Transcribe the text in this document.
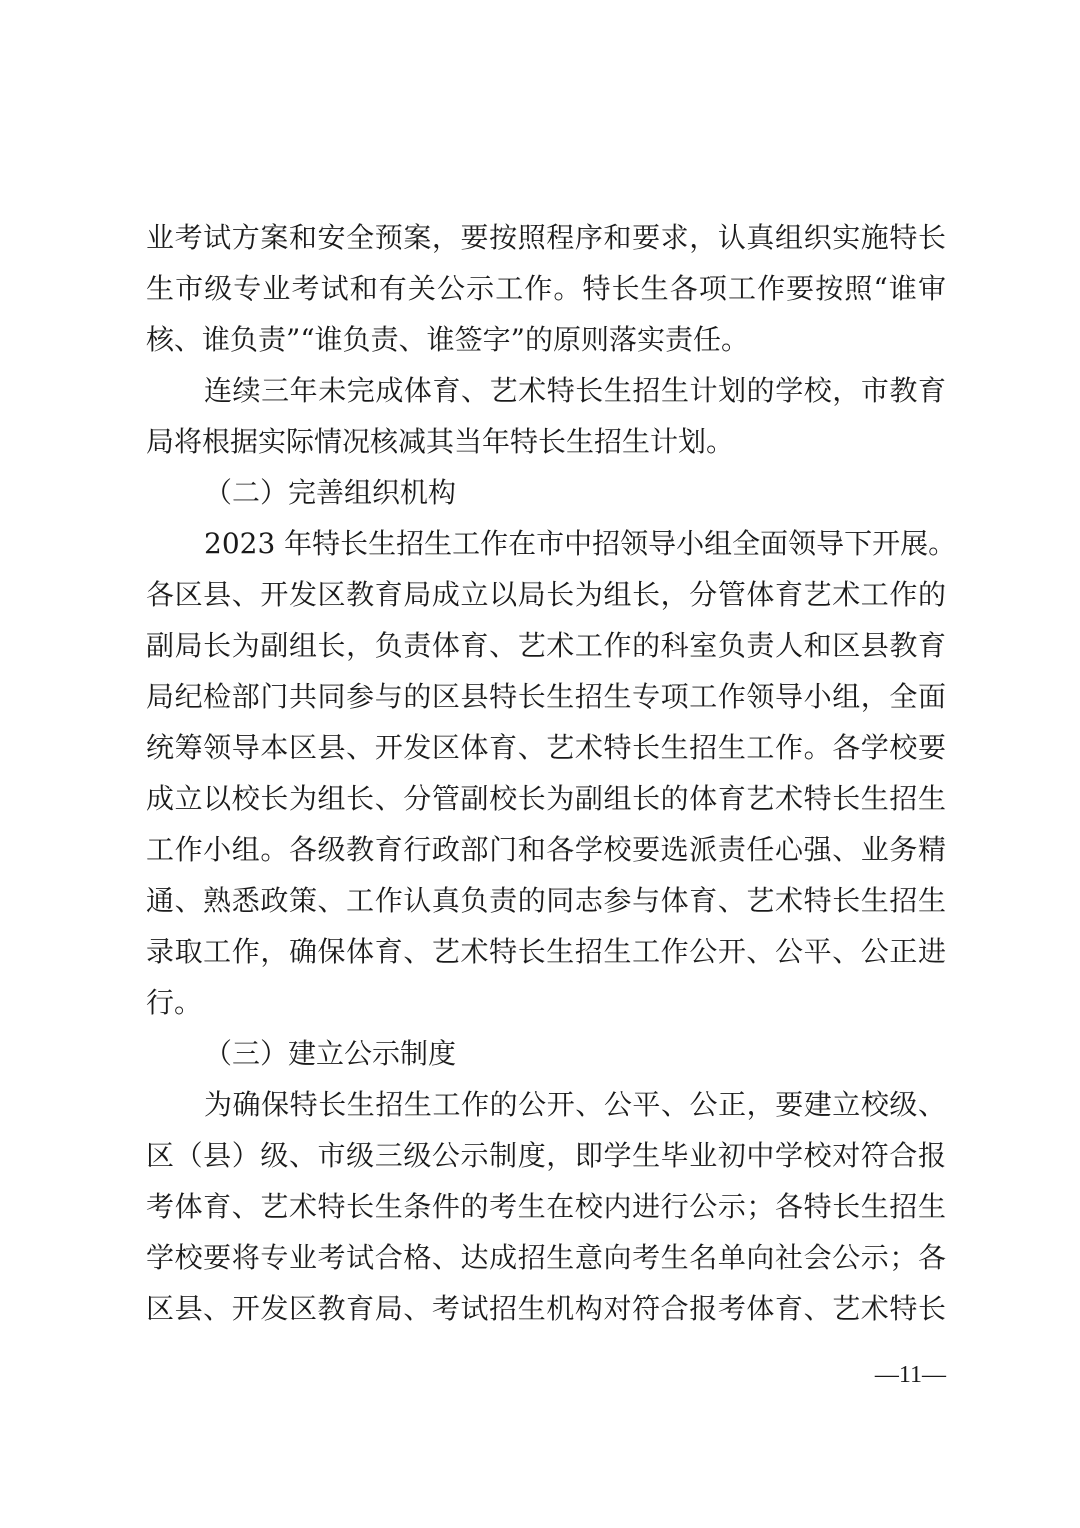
业考试方案和安全预案，要按照程序和要求，认真组织实施特长
生市级专业考试和有关公示工作。特长生各项工作要按照“谁审
核、谁负责”“谁负责、谁签字”的原则落实责任。
连续三年未完成体育、艺术特长生招生计划的学校，市教育
局将根据实际情况核减其当年特长生招生计划。
（二）完善组织机构
2023 年特长生招生工作在市中招领导小组全面领导下开展。
各区县、开发区教育局成立以局长为组长，分管体育艺术工作的
副局长为副组长，负责体育、艺术工作的科室负责人和区县教育
局纪检部门共同参与的区县特长生招生专项工作领导小组，全面
统筹领导本区县、开发区体育、艺术特长生招生工作。各学校要
成立以校长为组长、分管副校长为副组长的体育艺术特长生招生
工作小组。各级教育行政部门和各学校要选派责任心强、业务精
通、熟悉政策、工作认真负责的同志参与体育、艺术特长生招生
录取工作，确保体育、艺术特长生招生工作公开、公平、公正进
行。
（三）建立公示制度
为确保特长生招生工作的公开、公平、公正，要建立校级、
区（县）级、市级三级公示制度，即学生毕业初中学校对符合报
考体育、艺术特长生条件的考生在校内进行公示；各特长生招生
学校要将专业考试合格、达成招生意向考生名单向社会公示；各
区县、开发区教育局、考试招生机构对符合报考体育、艺术特长
—11—
